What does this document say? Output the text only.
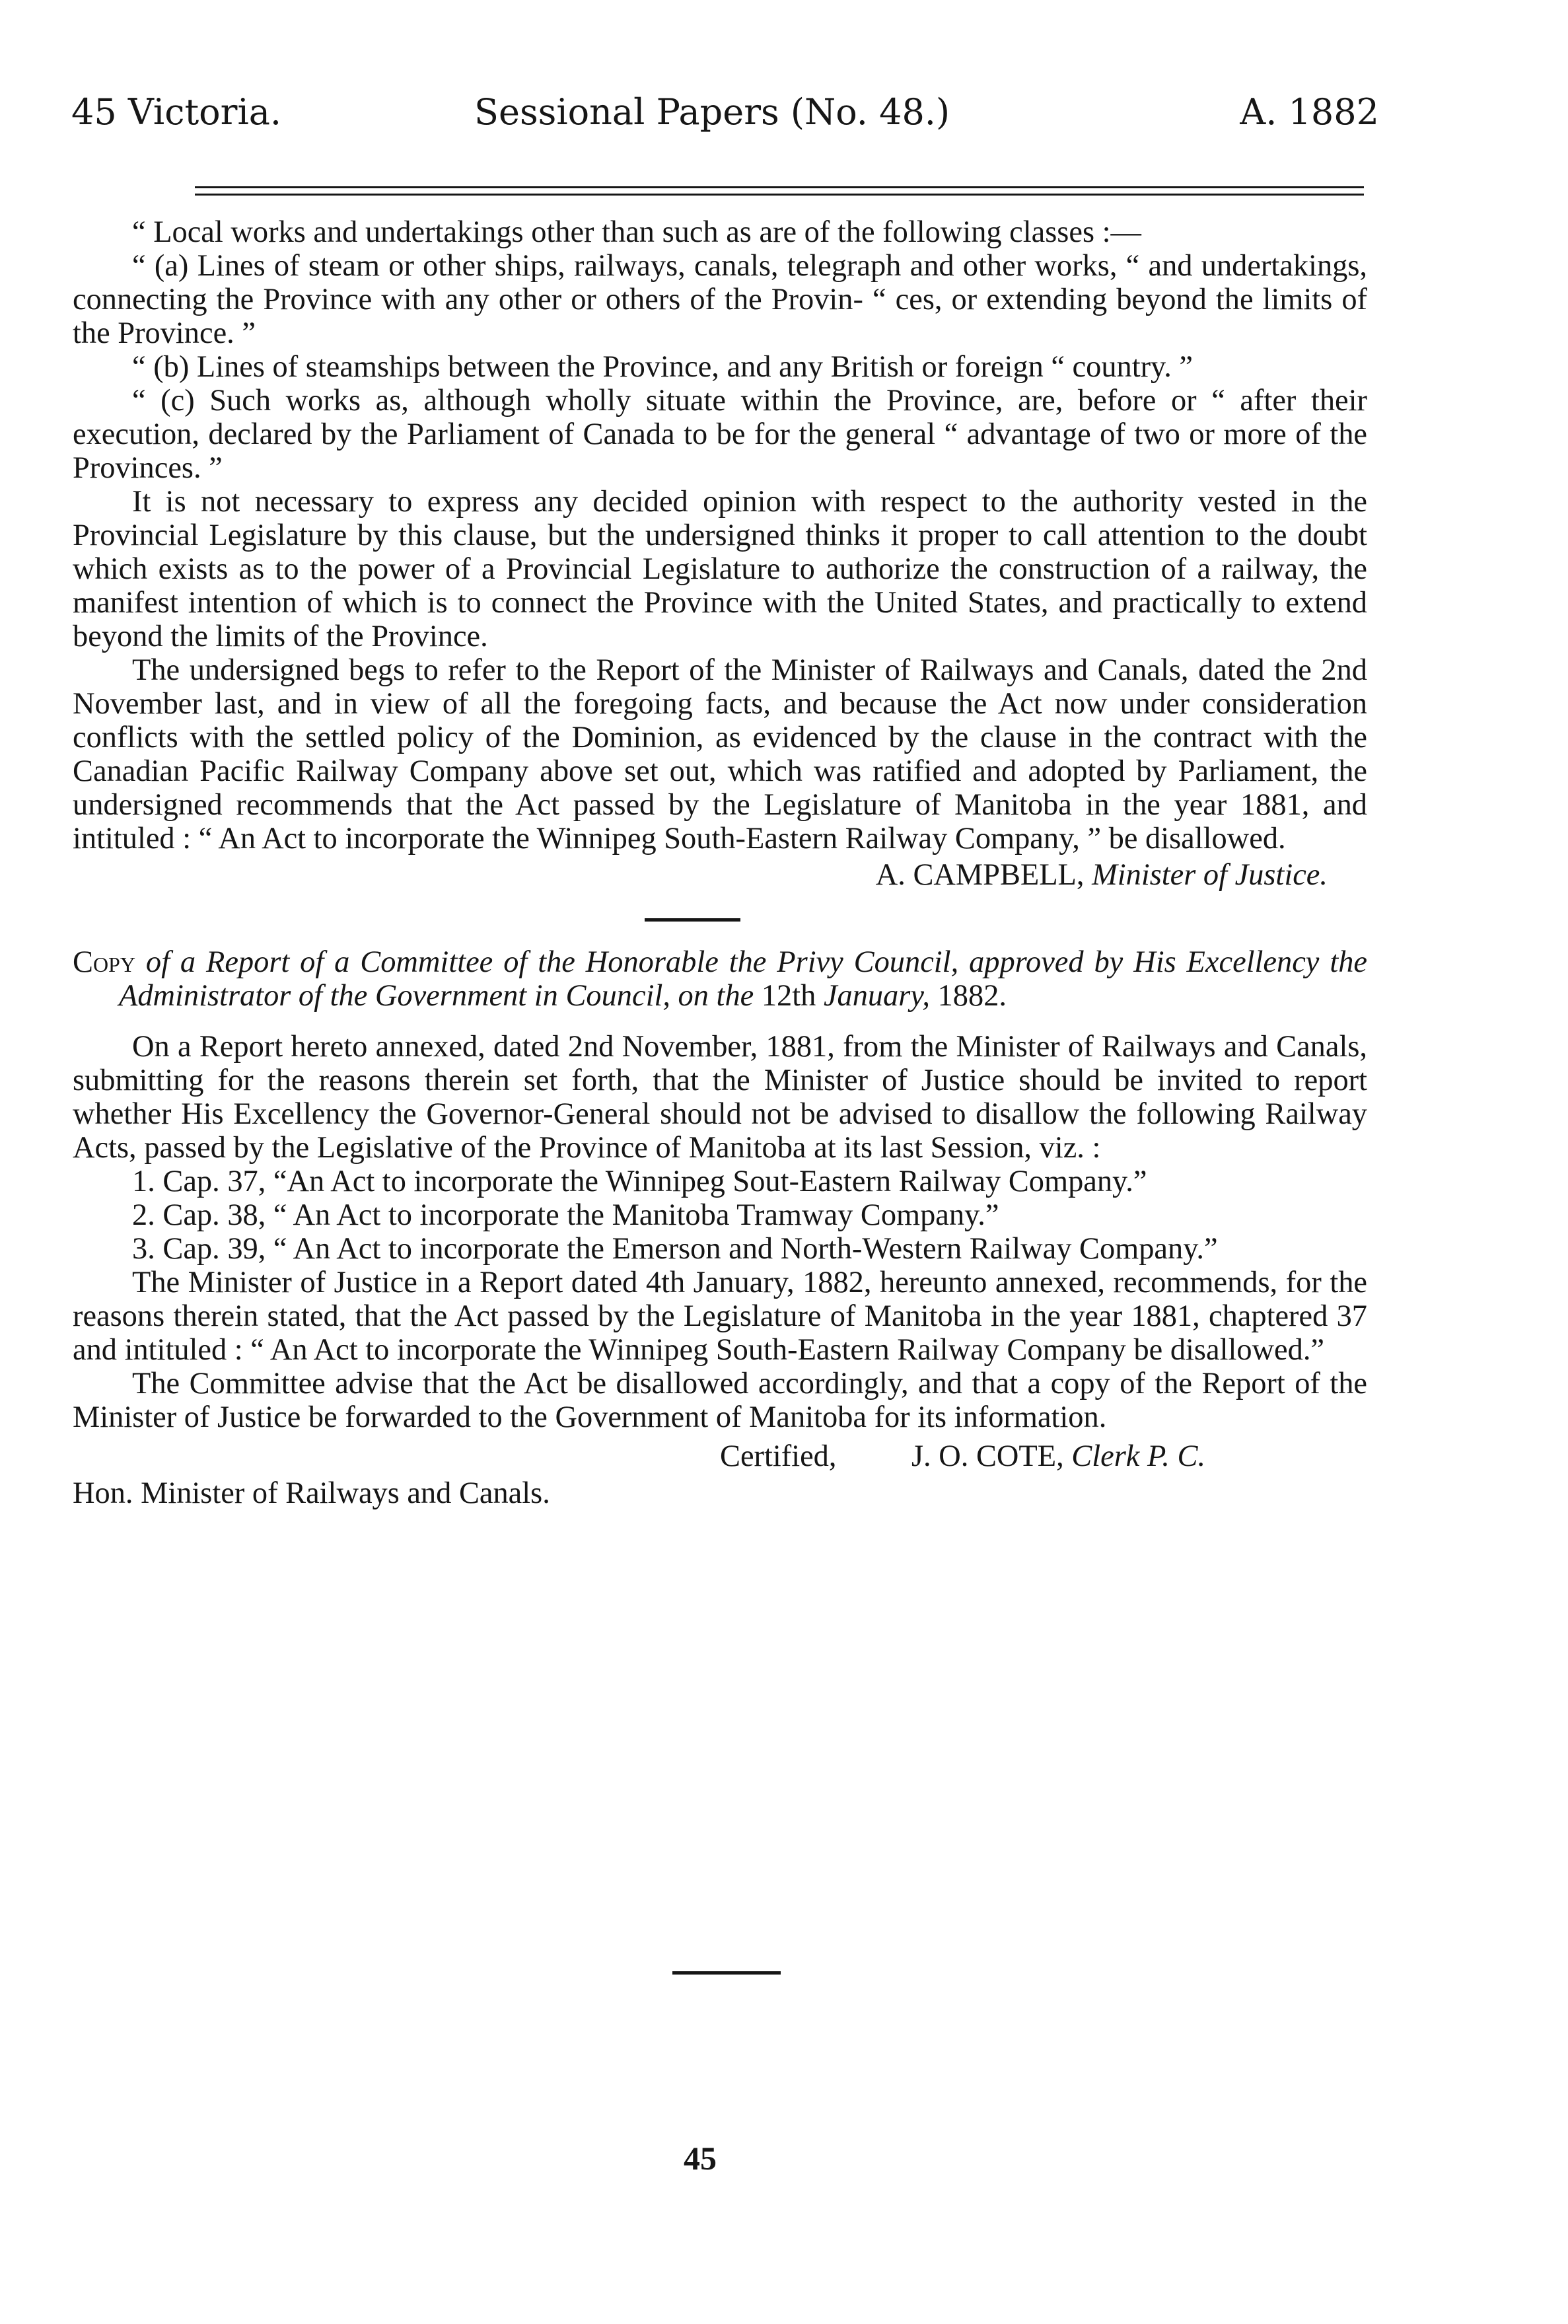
45 Victoria.	Sessional Papers (No. 48.)	A. 1882

“ Local works and undertakings other than such as are of the following classes :—

“ (a) Lines of steam or other ships, railways, canals, telegraph and other works, “ and undertakings, connecting the Province with any other or others of the Provin- “ ces, or extending beyond the limits of the Province. ”

“ (b) Lines of steamships between the Province, and any British or foreign “ country. ”

“ (c) Such works as, although wholly situate within the Province, are, before or “ after their execution, declared by the Parliament of Canada to be for the general “ advantage of two or more of the Provinces. ”

It is not necessary to express any decided opinion with respect to the authority vested in the Provincial Legislature by this clause, but the undersigned thinks it proper to call attention to the doubt which exists as to the power of a Provincial Legislature to authorize the construction of a railway, the manifest intention of which is to connect the Province with the United States, and practically to extend beyond the limits of the Province.

The undersigned begs to refer to the Report of the Minister of Railways and Canals, dated the 2nd November last, and in view of all the foregoing facts, and because the Act now under consideration conflicts with the settled policy of the Dominion, as evidenced by the clause in the contract with the Canadian Pacific Railway Company above set out, which was ratified and adopted by Parliament, the undersigned recommends that the Act passed by the Legislature of Manitoba in the year 1881, and intituled : “ An Act to incorporate the Winnipeg South-Eastern Railway Company, ” be disallowed.

A. CAMPBELL, Minister of Justice.

Copy of a Report of a Committee of the Honorable the Privy Council, approved by His Excellency the Administrator of the Government in Council, on the 12th January, 1882.

On a Report hereto annexed, dated 2nd November, 1881, from the Minister of Railways and Canals, submitting for the reasons therein set forth, that the Minister of Justice should be invited to report whether His Excellency the Governor-General should not be advised to disallow the following Railway Acts, passed by the Legislative of the Province of Manitoba at its last Session, viz. :

1. Cap. 37, “An Act to incorporate the Winnipeg Sout-Eastern Railway Company.”

2. Cap. 38, “ An Act to incorporate the Manitoba Tramway Company.”

3. Cap. 39, “ An Act to incorporate the Emerson and North-Western Railway Company.”

The Minister of Justice in a Report dated 4th January, 1882, hereunto annexed, recommends, for the reasons therein stated, that the Act passed by the Legislature of Manitoba in the year 1881, chaptered 37 and intituled : “ An Act to incorporate the Winnipeg South-Eastern Railway Company be disallowed.”

The Committee advise that the Act be disallowed accordingly, and that a copy of the Report of the Minister of Justice be forwarded to the Government of Manitoba for its information.

Certified, J. O. COTE, Clerk P. C.

Hon. Minister of Railways and Canals.

45
